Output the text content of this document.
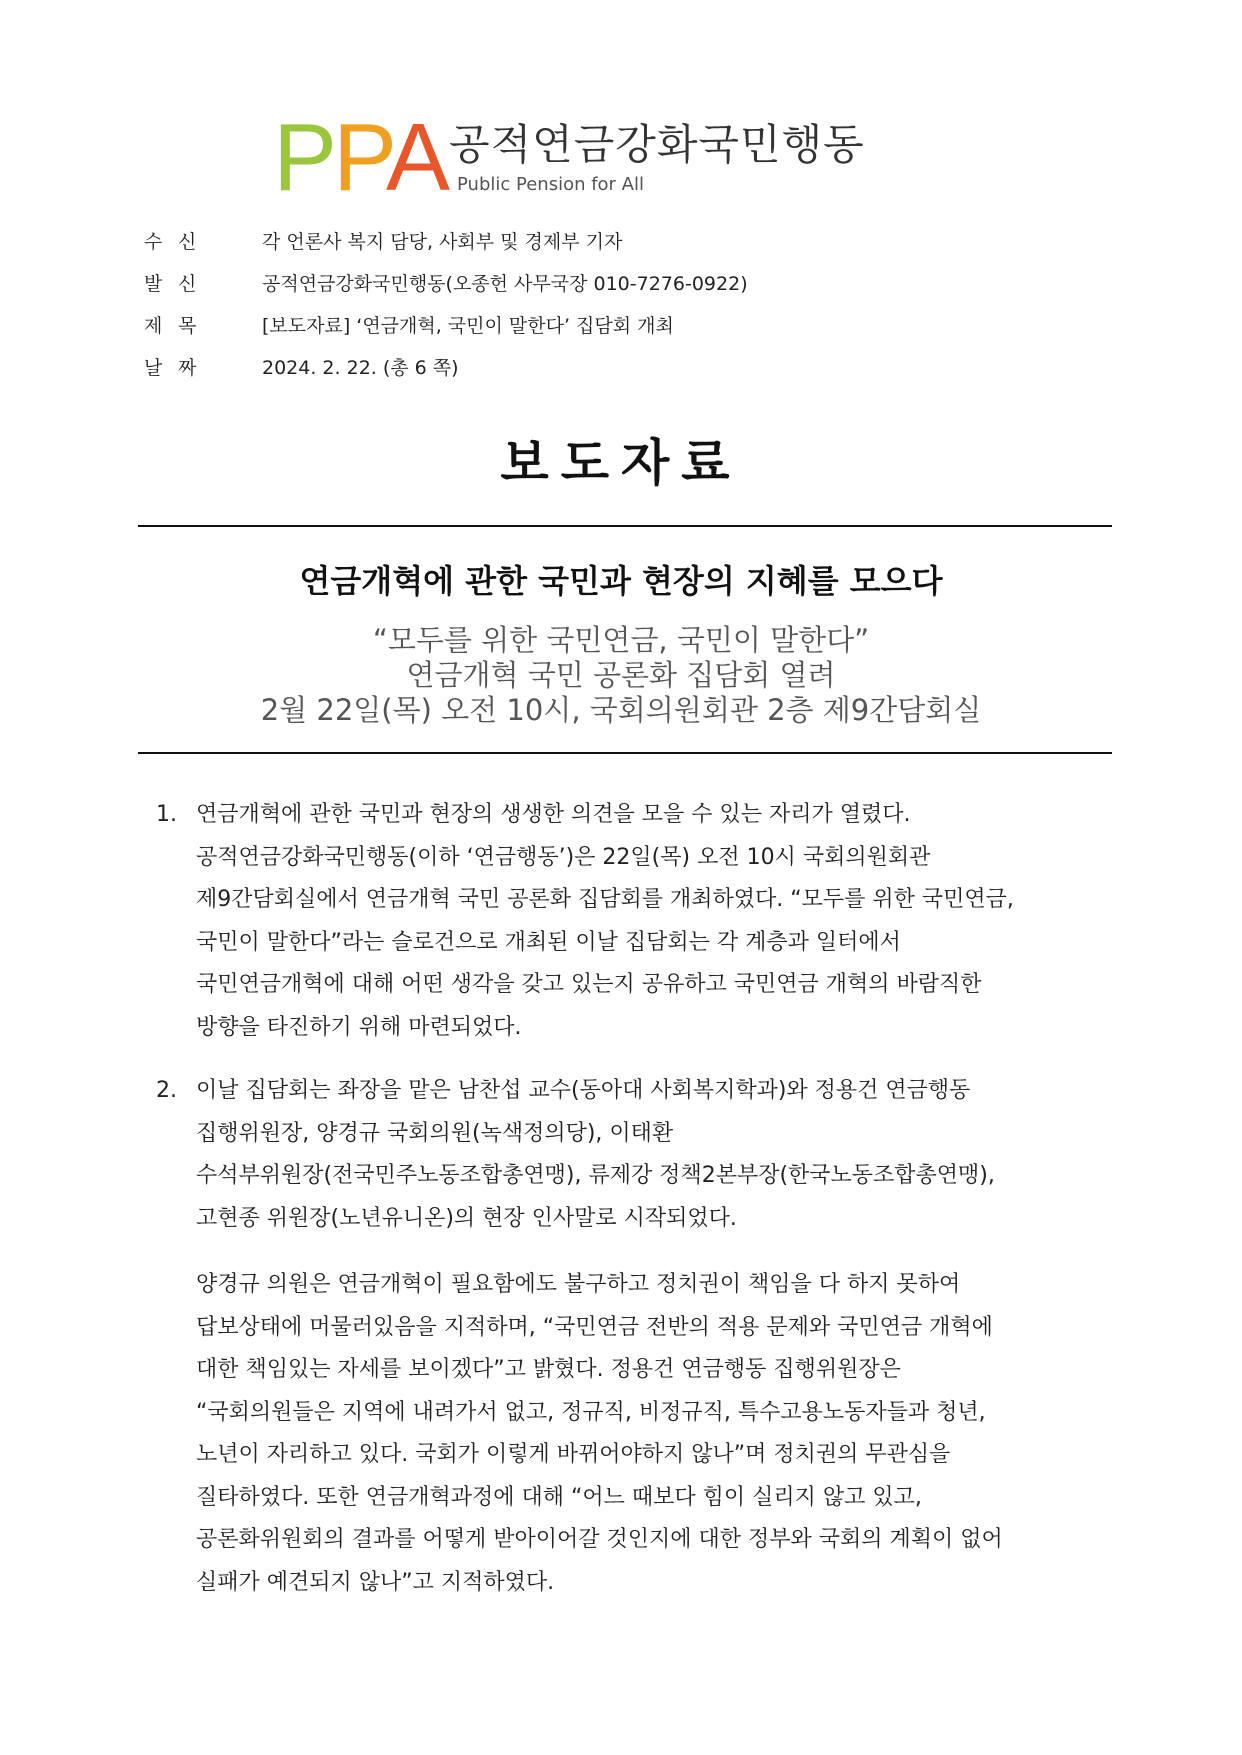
PPA 공적연금강화국민행동
Public Pension for All
수 신	각 언론사 복지 담당, 사회부 및 경제부 기자
발 신	공적연금강화국민행동(오종헌 사무국장 010-7276-0922)
제 목	[보도자료] ‘연금개혁, 국민이 말한다’ 집담회 개최
날 짜	2024. 2. 22. (총 6 쪽)
보도자료
연금개혁에 관한 국민과 현장의 지혜를 모으다
“모두를 위한 국민연금, 국민이 말한다”
연금개혁 국민 공론화 집담회 열려
2월 22일(목) 오전 10시, 국회의원회관 2층 제9간담회실
1. 연금개혁에 관한 국민과 현장의 생생한 의견을 모을 수 있는 자리가 열렸다.
공적연금강화국민행동(이하 ‘연금행동’)은 22일(목) 오전 10시 국회의원회관
제9간담회실에서 연금개혁 국민 공론화 집담회를 개최하였다. “모두를 위한 국민연금,
국민이 말한다”라는 슬로건으로 개최된 이날 집담회는 각 계층과 일터에서
국민연금개혁에 대해 어떤 생각을 갖고 있는지 공유하고 국민연금 개혁의 바람직한
방향을 타진하기 위해 마련되었다.
2. 이날 집담회는 좌장을 맡은 남찬섭 교수(동아대 사회복지학과)와 정용건 연금행동
집행위원장, 양경규 국회의원(녹색정의당), 이태환
수석부위원장(전국민주노동조합총연맹), 류제강 정책2본부장(한국노동조합총연맹),
고현종 위원장(노년유니온)의 현장 인사말로 시작되었다.
양경규 의원은 연금개혁이 필요함에도 불구하고 정치권이 책임을 다 하지 못하여
답보상태에 머물러있음을 지적하며, “국민연금 전반의 적용 문제와 국민연금 개혁에
대한 책임있는 자세를 보이겠다”고 밝혔다. 정용건 연금행동 집행위원장은
“국회의원들은 지역에 내려가서 없고, 정규직, 비정규직, 특수고용노동자들과 청년,
노년이 자리하고 있다. 국회가 이렇게 바뀌어야하지 않나”며 정치권의 무관심을
질타하였다. 또한 연금개혁과정에 대해 “어느 때보다 힘이 실리지 않고 있고,
공론화위원회의 결과를 어떻게 받아이어갈 것인지에 대한 정부와 국회의 계획이 없어
실패가 예견되지 않나”고 지적하였다.
